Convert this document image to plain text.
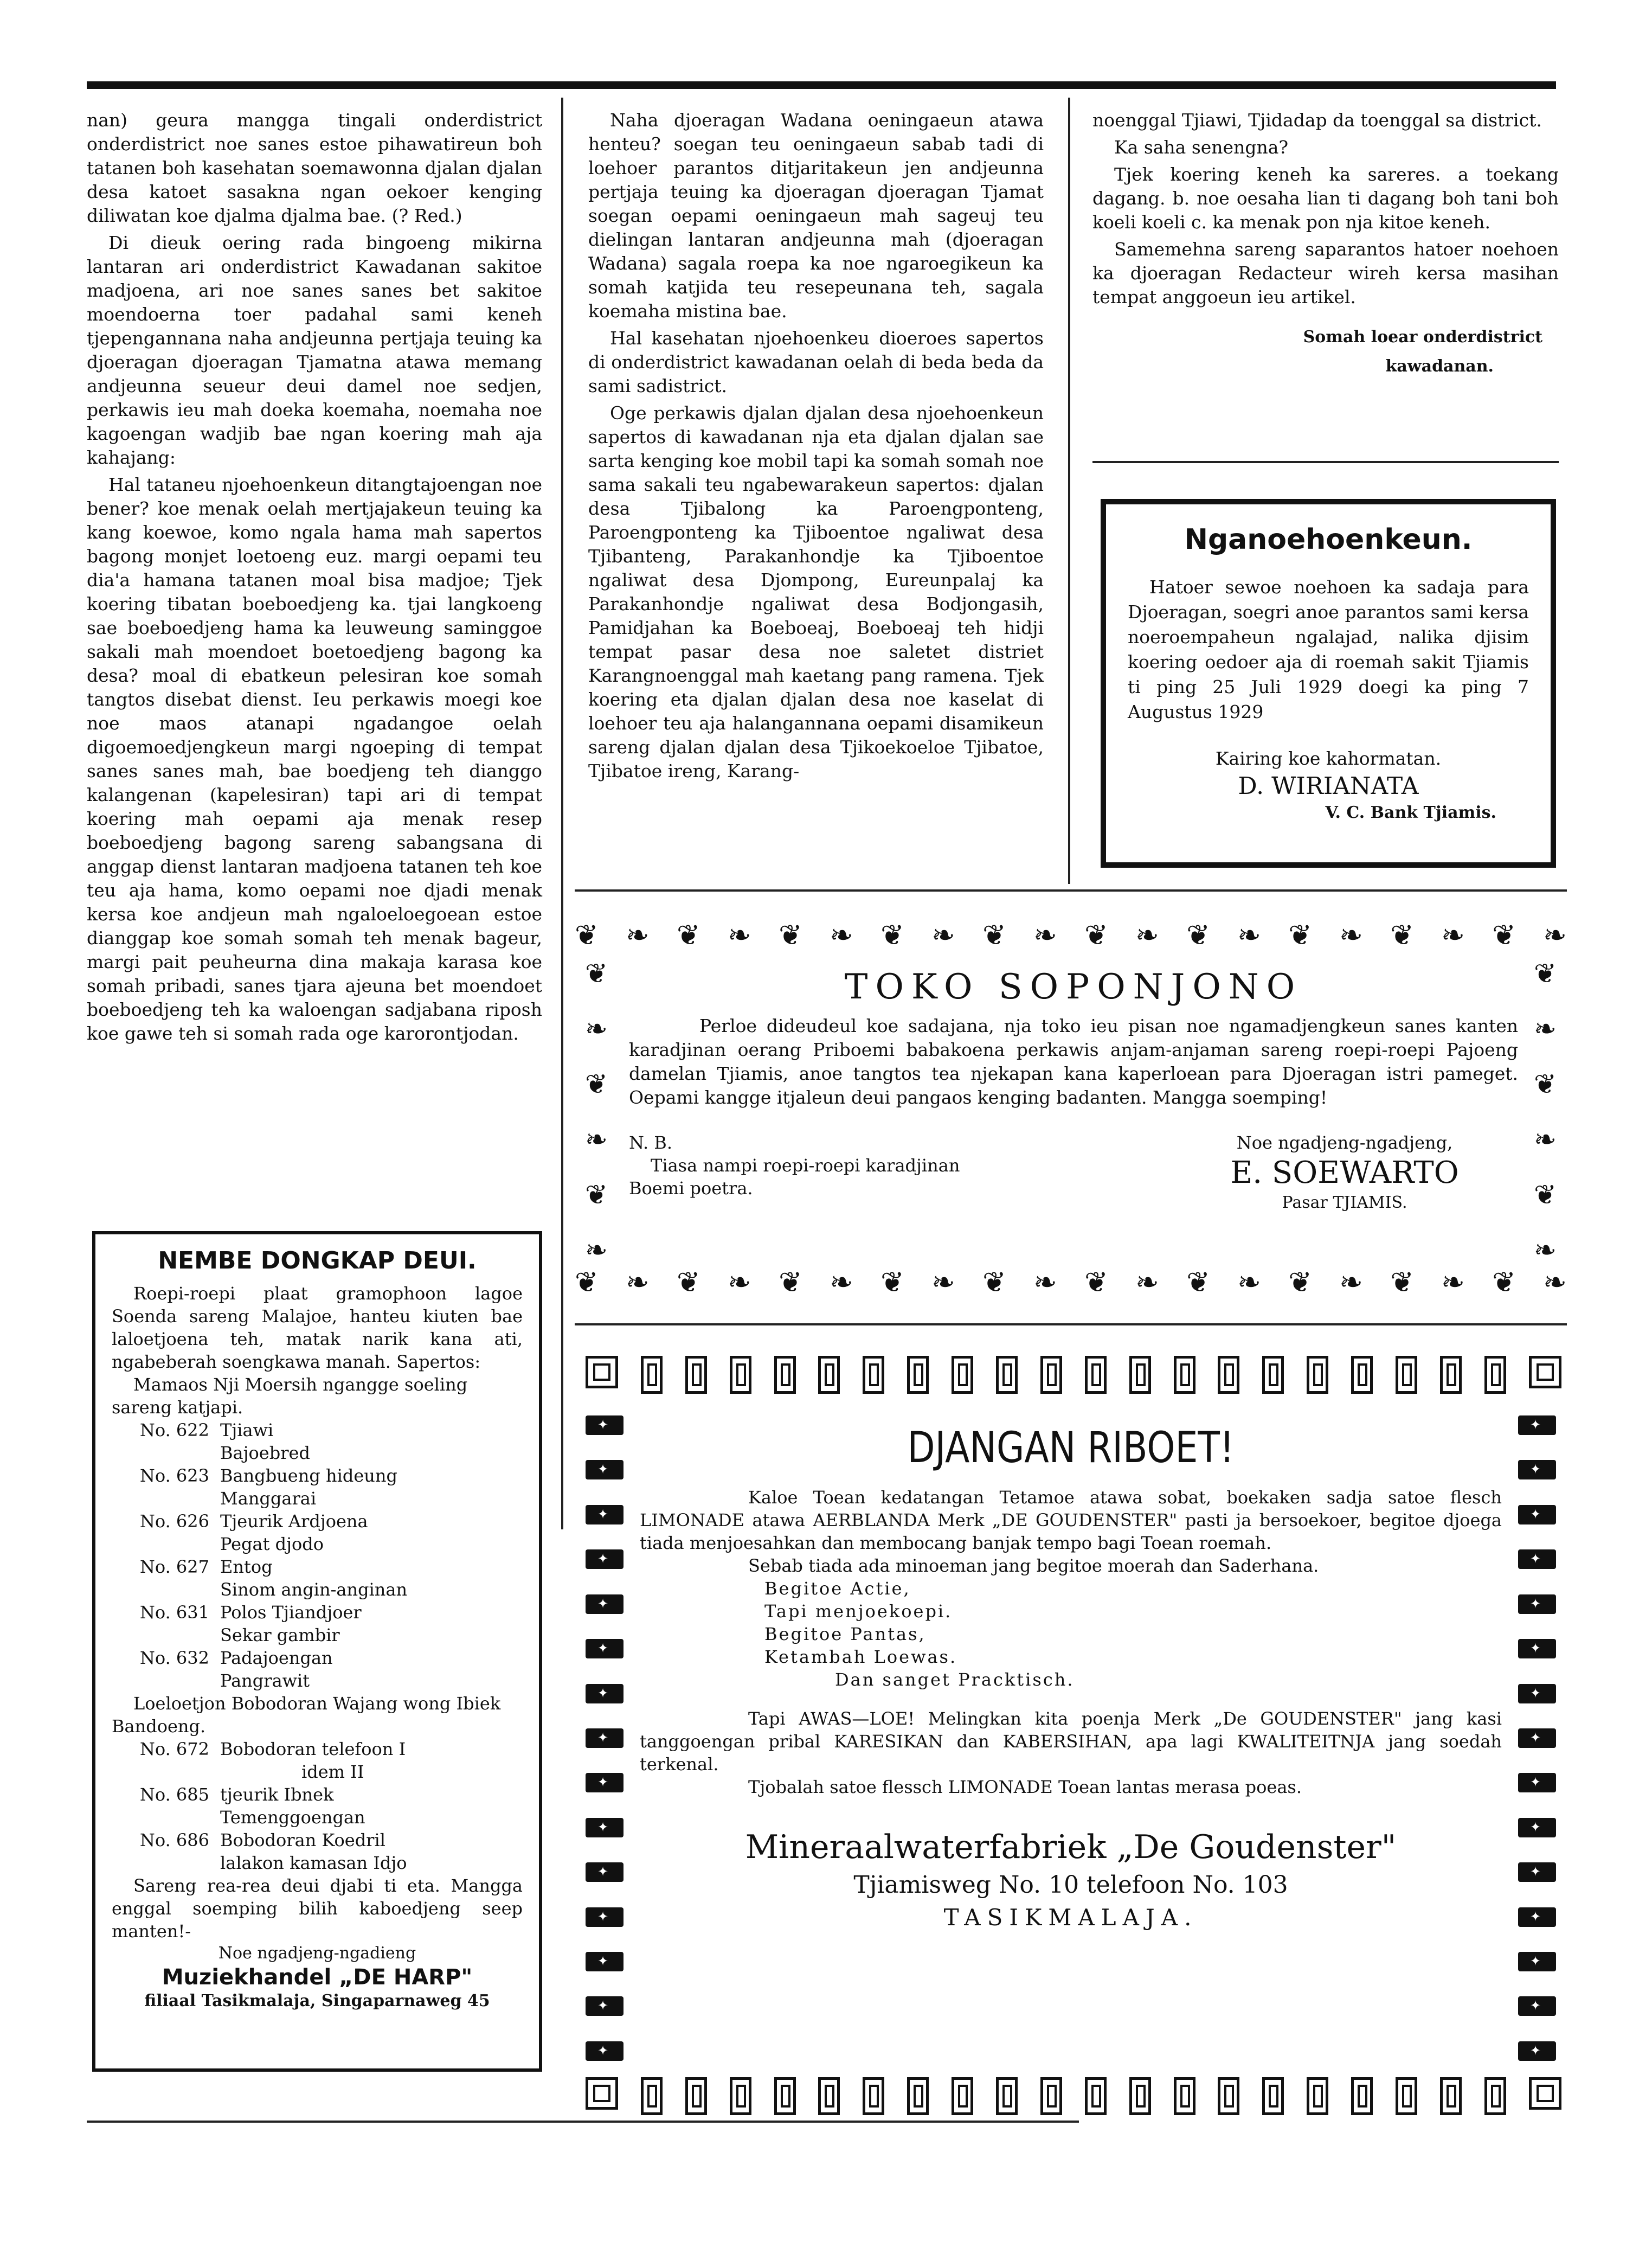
nan) geura mangga tingali onderdistrict onderdistrict noe sanes estoe pihawatireun boh tatanen boh kasehatan soemawonna djalan djalan desa katoet sasakna ngan oekoer kenging diliwatan koe djalma djalma bae. (? Red.)

Di dieuk oering rada bingoeng mikirna lantaran ari onderdistrict Kawadanan sakitoe madjoena, ari noe sanes sanes bet sakitoe moendoerna toer padahal sami keneh tjepengannana naha andjeunna pertjaja teuing ka djoeragan djoeragan Tjamatna atawa memang andjeunna seueur deui damel noe sedjen, perkawis ieu mah doeka koemaha, noemaha noe kagoengan wadjib bae ngan koering mah aja kahajang:

Hal tataneu njoehoenkeun ditangtajoengan noe bener? koe menak oelah mertjajakeun teuing ka kang koewoe, komo ngala hama mah sapertos bagong monjet loetoeng euz. margi oepami teu dia'a hamana tatanen moal bisa madjoe; Tjek koering tibatan boeboedjeng ka. tjai langkoeng sae boeboedjeng hama ka leuweung saminggoe sakali mah moendoet boetoedjeng bagong ka desa? moal di ebatkeun pelesiran koe somah tangtos disebat dienst. Ieu perkawis moegi koe noe maos atanapi ngadangoe oelah digoemoedjengkeun margi ngoeping di tempat sanes sanes mah, bae boedjeng teh dianggo kalangenan (kapelesiran) tapi ari di tempat koering mah oepami aja menak resep boeboedjeng bagong sareng sabangsana di anggap dienst lantaran madjoena tatanen teh koe teu aja hama, komo oepami noe djadi menak kersa koe andjeun mah ngaloeloegoean estoe dianggap koe somah somah teh menak bageur, margi pait peuheurna dina makaja karasa koe somah pribadi, sanes tjara ajeuna bet moendoet boeboedjeng teh ka waloengan sadjabana riposh koe gawe teh si somah rada oge karorontjodan.

Naha djoeragan Wadana oeningaeun atawa henteu? soegan teu oeningaeun sabab tadi di loehoer parantos ditjaritakeun jen andjeunna pertjaja teuing ka djoeragan djoeragan Tjamat soegan oepami oeningaeun mah sageuj teu dielingan lantaran andjeunna mah (djoeragan Wadana) sagala roepa ka noe ngaroegikeun ka somah katjida teu resepeunana teh, sagala koemaha mistina bae.

Hal kasehatan njoehoenkeu dioeroes sapertos di onderdistrict kawadanan oelah di beda beda da sami sadistrict.

Oge perkawis djalan djalan desa njoehoenkeun sapertos di kawadanan nja eta djalan djalan sae sarta kenging koe mobil tapi ka somah somah noe sama sakali teu ngabewarakeun sapertos: djalan desa Tjibalong ka Paroengponteng, Paroengponteng ka Tjiboentoe ngaliwat desa Tjibanteng, Parakanhondje ka Tjiboentoe ngaliwat desa Djompong, Eureunpalaj ka Parakanhondje ngaliwat desa Bodjongasih, Pamidjahan ka Boeboeaj, Boeboeaj teh hidji tempat pasar desa noe saletet distriet Karangnoenggal mah kaetang pang ramena. Tjek koering eta djalan djalan desa noe kaselat di loehoer teu aja halangannana oepami disamikeun sareng djalan djalan desa Tjikoekoeloe Tjibatoe, Tjibatoe ireng, Karang-

noenggal Tjiawi, Tjidadap da toenggal sa district.

Ka saha senengna?

Tjek koering keneh ka sareres. a toekang dagang. b. noe oesaha lian ti dagang boh tani boh koeli koeli c. ka menak pon nja kitoe keneh.

Samemehna sareng saparantos hatoer noehoen ka djoeragan Redacteur wireh kersa masihan tempat anggoeun ieu artikel.

Somah loear onderdistrict
kawadanan.
Nganoehoenkeun.
Hatoer sewoe noehoen ka sadaja para Djoeragan, soegri anoe parantos sami kersa noeroempaheun ngalajad, nalika djisim koering oedoer aja di roemah sakit Tjiamis ti ping 25 Juli 1929 doegi ka ping 7 Augustus 1929
Kairing koe kahormatan.
D. WIRIANATA
V. C. Bank Tjiamis.
NEMBE DONGKAP DEUI.
Roepi-roepi plaat gramophoon lagoe Soenda sareng Malajoe, hanteu kiuten bae laloetjoena teh, matak narik kana ati, ngabeberah soengkawa manah. Sapertos:
Mamaos Nji Moersih ngangge soeling sareng katjapi.
No. 622 Tjiawi
Bajoebred
No. 623 Bangbueng hideung
Manggarai
No. 626 Tjeurik Ardjoena
Pegat djodo
No. 627 Entog
Sinom angin-anginan
No. 631 Polos Tjiandjoer
Sekar gambir
No. 632 Padajoengan
Pangrawit
Loeloetjon Bobodoran Wajang wong Ibiek Bandoeng.
No. 672 Bobodoran telefoon I
idem II
No. 685 tjeurik Ibnek
Temenggoengan
No. 686 Bobodoran Koedril
lalakon kamasan Idjo
Sareng rea-rea deui djabi ti eta. Mangga enggal soemping bilih kaboedjeng seep manten!-
Noe ngadjeng-ngadieng
Muziekhandel „DE HARP"
filiaal Tasikmalaja, Singaparnaweg 45
❦ ❧ ❦ ❧ ❦ ❧ ❦ ❧ ❦ ❧ ❦ ❧ ❦ ❧ ❦ ❧ ❦ ❧ ❦ ❧
❦ ❧ ❦ ❧ ❦ ❧ ❦ ❧ ❦ ❧ ❦ ❧ ❦ ❧ ❦ ❧ ❦ ❧ ❦ ❧
❦
❧
❦
❧
❦
❧
❦
❧
❦
❧
❦
❧
TOKO SOPONJONO
Perloe dideudeul koe sadajana, nja toko ieu pisan noe ngamadjengkeun sanes kanten karadjinan oerang Priboemi babakoena perkawis anjam-anjaman sareng roepi-roepi Pajoeng damelan Tjiamis, anoe tangtos tea njekapan kana kaperloean para Djoeragan istri pameget. Oepami kangge itjaleun deui pangaos kenging badanten. Mangga soemping!
N. B.
Tiasa nampi roepi-roepi karadjinan Boemi poetra.
Noe ngadjeng-ngadjeng,
E. SOEWARTO
Pasar TJIAMIS.
✦
✦
✦
✦
✦
✦
✦
✦
✦
✦
✦
✦
✦
✦
✦
✦
✦
✦
✦
✦
✦
✦
✦
✦
✦
✦
✦
✦
✦
✦
DJANGAN RIBOET!
Kaloe Toean kedatangan Tetamoe atawa sobat, boekaken sadja satoe flesch LIMONADE atawa AERBLANDA Merk „DE GOUDENSTER" pasti ja bersoekoer, begitoe djoega tiada menjoesahkan dan membocang banjak tempo bagi Toean roemah.
Sebab tiada ada minoeman jang begitoe moerah dan Saderhana.
Begitoe Actie,
Tapi menjoekoepi.
Begitoe Pantas,
Ketambah Loewas.
Dan sanget Pracktisch.
Tapi AWAS—LOE! Melingkan kita poenja Merk „De GOUDENSTER" jang kasi tanggoengan pribal KARESIKAN dan KABERSIHAN, apa lagi KWALITEITNJA jang soedah terkenal.
Tjobalah satoe flessch LIMONADE Toean lantas merasa poeas.
Mineraalwaterfabriek „De Goudenster"
Tjiamisweg No. 10 telefoon No. 103
TASIKMALAJA.
